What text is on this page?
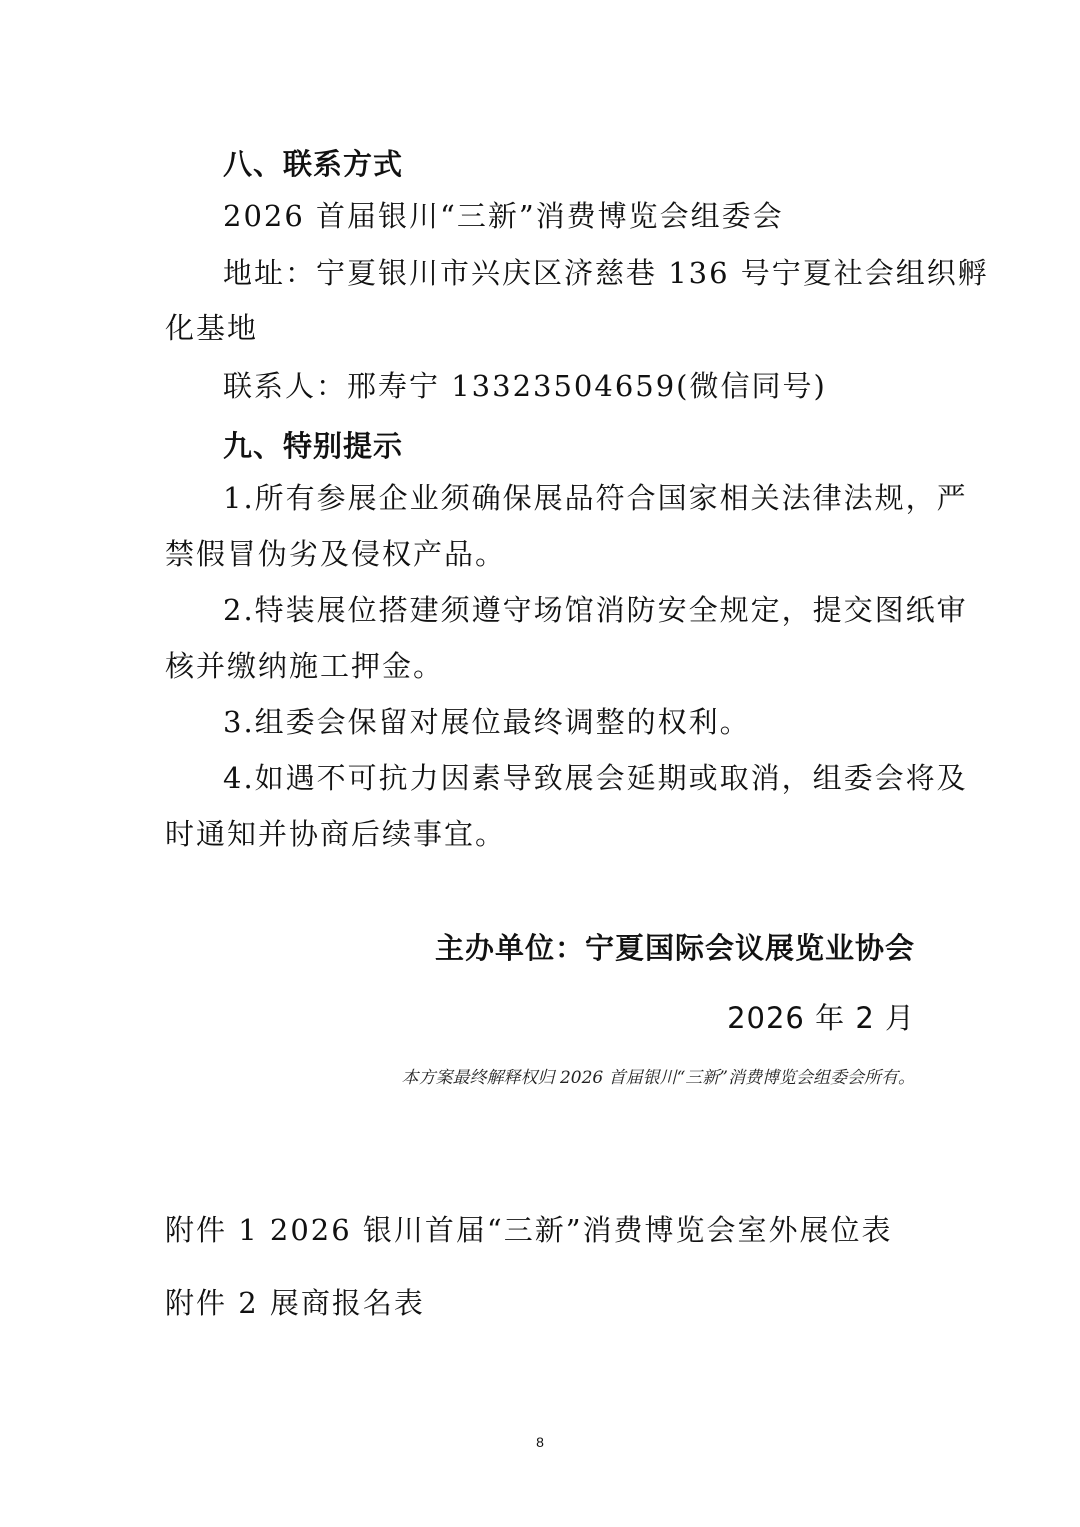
八、联系方式
2026 首届银川“三新”消费博览会组委会
地址：宁夏银川市兴庆区济慈巷 136 号宁夏社会组织孵
化基地
联系人：邢寿宁 13323504659(微信同号)
九、特别提示
1.所有参展企业须确保展品符合国家相关法律法规，严
禁假冒伪劣及侵权产品。
2.特装展位搭建须遵守场馆消防安全规定，提交图纸审
核并缴纳施工押金。
3.组委会保留对展位最终调整的权利。
4.如遇不可抗力因素导致展会延期或取消，组委会将及
时通知并协商后续事宜。
主办单位：宁夏国际会议展览业协会
2026 年 2 月
本方案最终解释权归 2026 首届银川“三新”消费博览会组委会所有。
附件 1 2026 银川首届“三新”消费博览会室外展位表
附件 2 展商报名表
8
